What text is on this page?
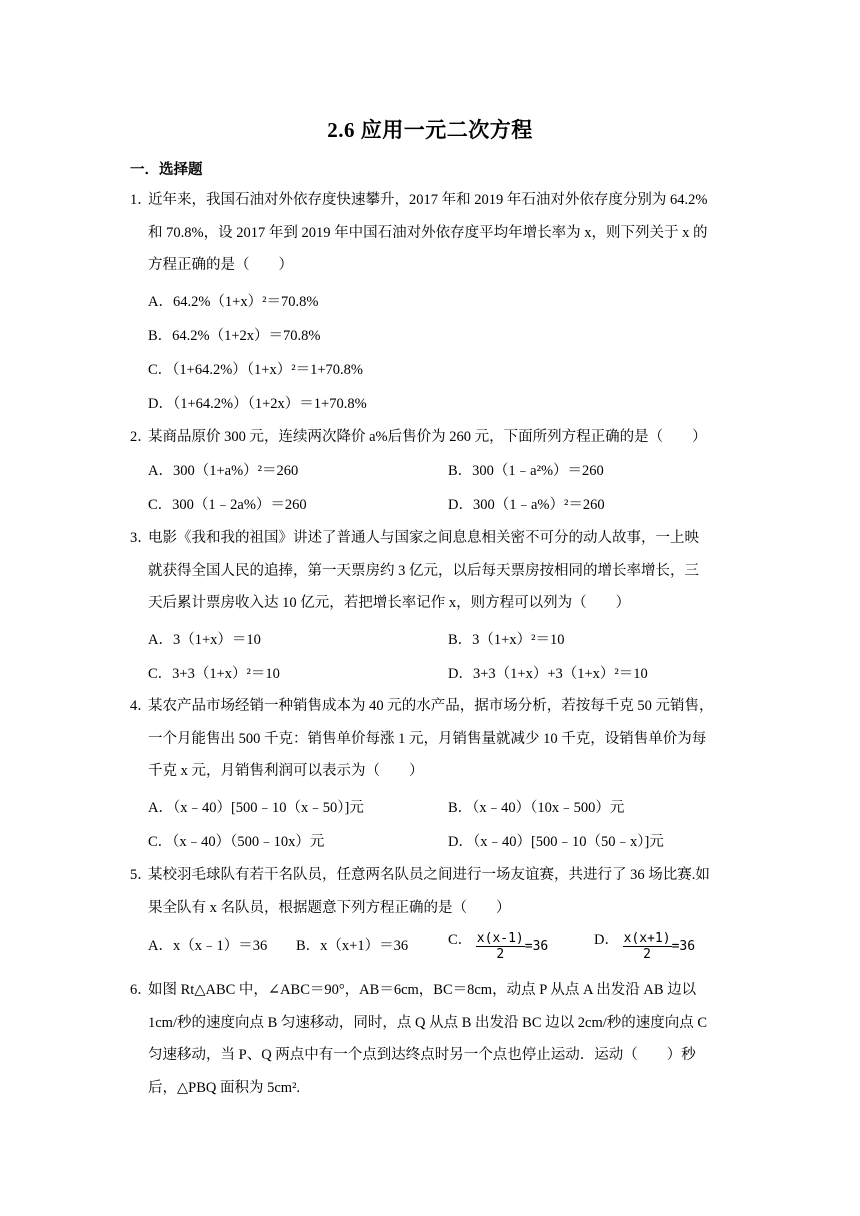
2.6 应用一元二次方程
一．选择题
1．
近年来，我国石油对外依存度快速攀升，2017 年和 2019 年石油对外依存度分别为 64.2%
和 70.8%，设 2017 年到 2019 年中国石油对外依存度平均年增长率为 x，则下列关于 x 的
方程正确的是（　　）
A．64.2%（1+x）²＝70.8%
B．64.2%（1+2x）＝70.8%
C．（1+64.2%）（1+x）²＝1+70.8%
D．（1+64.2%）（1+2x）＝1+70.8%
2．
某商品原价 300 元，连续两次降价 a%后售价为 260 元，下面所列方程正确的是（　　）
A．300（1+a%）²＝260	B．300（1﹣a²%）＝260
C．300（1﹣2a%）＝260	D．300（1﹣a%）²＝260
3．
电影《我和我的祖国》讲述了普通人与国家之间息息相关密不可分的动人故事，一上映
就获得全国人民的追捧，第一天票房约 3 亿元，以后每天票房按相同的增长率增长，三
天后累计票房收入达 10 亿元，若把增长率记作 x，则方程可以列为（　　）
A．3（1+x）＝10	B．3（1+x）²＝10
C．3+3（1+x）²＝10	D．3+3（1+x）+3（1+x）²＝10
4．
某农产品市场经销一种销售成本为 40 元的水产品，据市场分析，若按每千克 50 元销售，
一个月能售出 500 千克：销售单价每涨 1 元，月销售量就减少 10 千克，设销售单价为每
千克 x 元，月销售利润可以表示为（　　）
A．（x﹣40）[500﹣10（x﹣50）]元	B．（x﹣40）（10x﹣500）元
C．（x﹣40）（500﹣10x）元	D．（x﹣40）[500﹣10（50﹣x）]元
5．
某校羽毛球队有若干名队员，任意两名队员之间进行一场友谊赛，共进行了 36 场比赛.如
果全队有 x 名队员，根据题意下列方程正确的是（　　）
A．x（x﹣1）＝36 B．x（x+1）＝36	C． $\frac{x(x-1)}{2} =36$	D． $\frac{x(x+1)}{2} =36$
6．
如图 Rt△ABC 中，∠ABC＝90°，AB＝6cm，BC＝8cm，动点 P 从点 A 出发沿 AB 边以
1cm/秒的速度向点 B 匀速移动，同时，点 Q 从点 B 出发沿 BC 边以 2cm/秒的速度向点 C
匀速移动，当 P、Q 两点中有一个点到达终点时另一个点也停止运动．运动（　　）秒
后，△PBQ 面积为 5cm².
